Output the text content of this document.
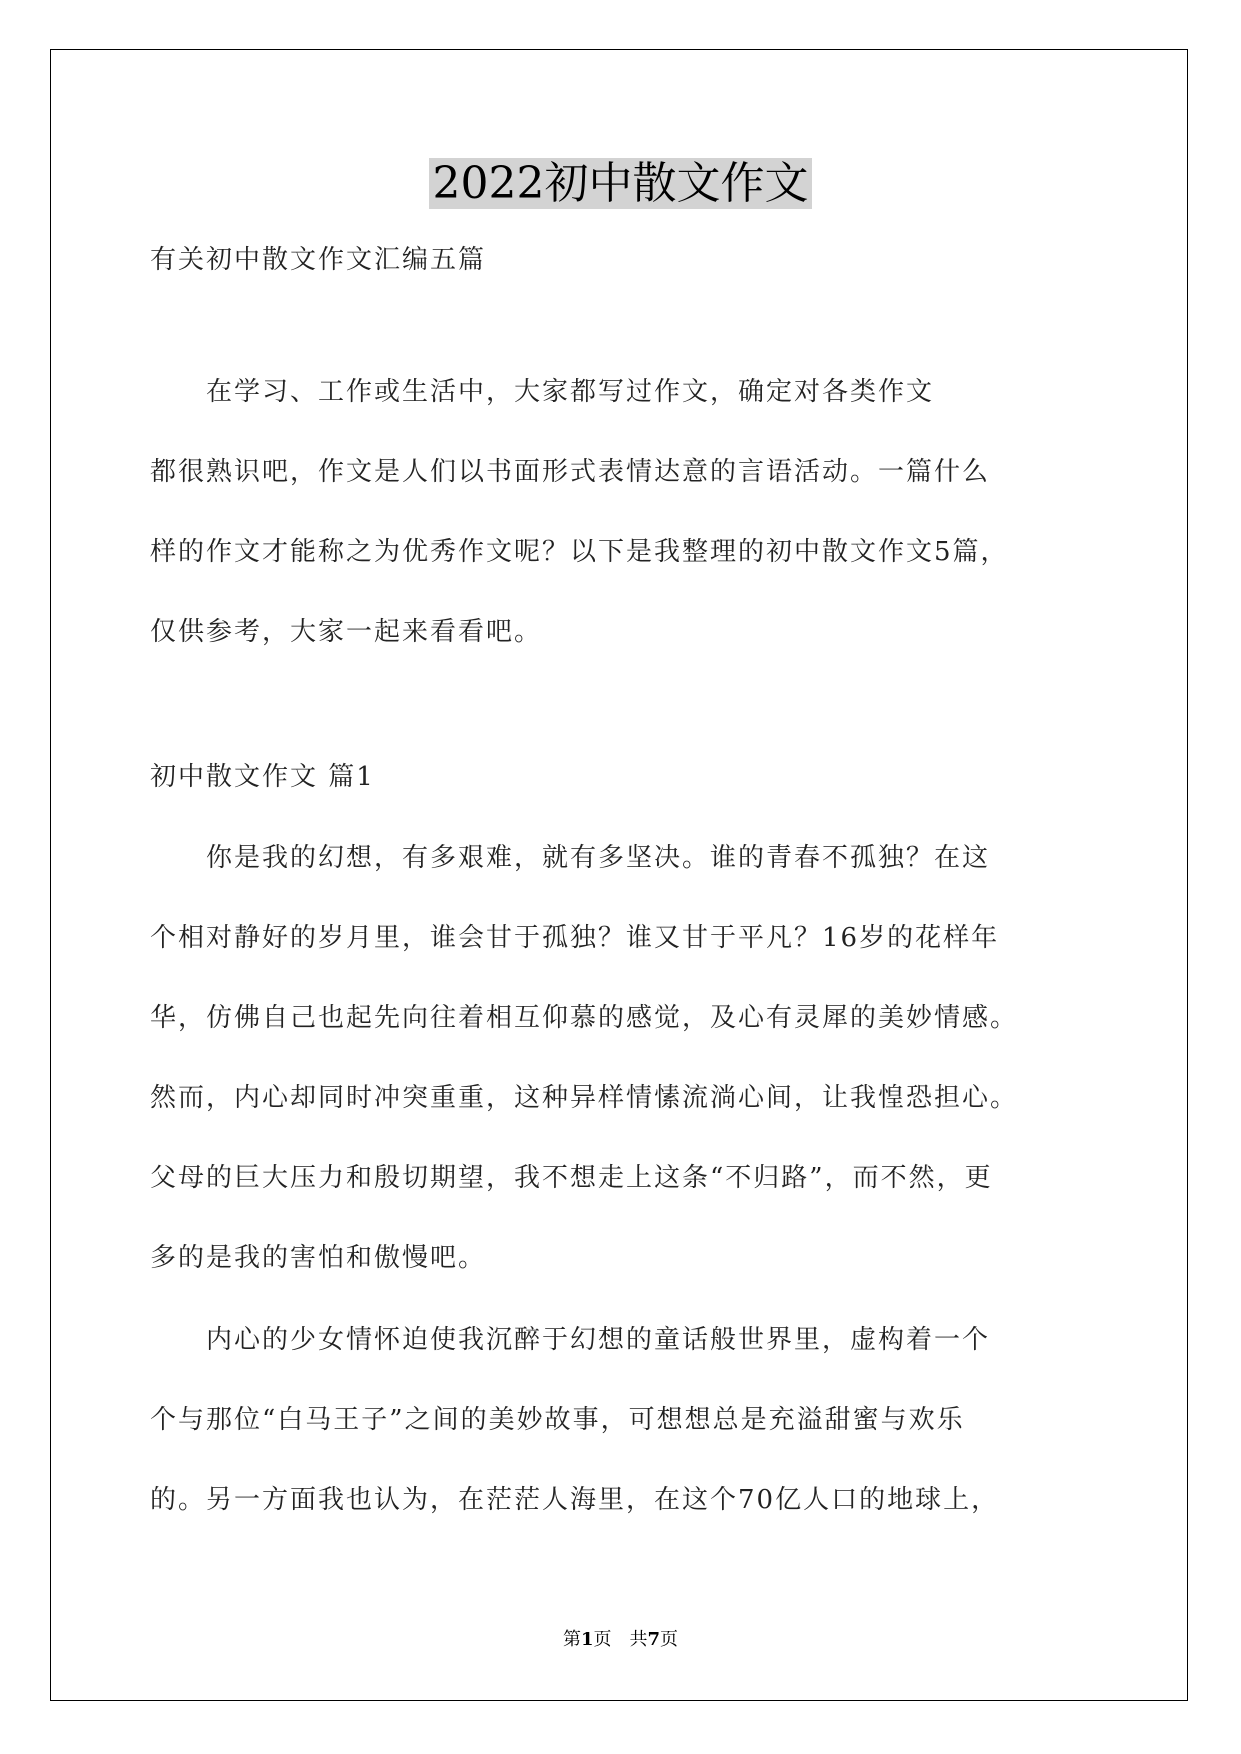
2022初中散文作文
有关初中散文作文汇编五篇
　　在学习、工作或生活中，大家都写过作文，确定对各类作文
都很熟识吧，作文是人们以书面形式表情达意的言语活动。一篇什么
样的作文才能称之为优秀作文呢？以下是我整理的初中散文作文5篇，
仅供参考，大家一起来看看吧。
初中散文作文 篇1
　　你是我的幻想，有多艰难，就有多坚决。谁的青春不孤独？在这
个相对静好的岁月里，谁会甘于孤独？谁又甘于平凡？16岁的花样年
华，仿佛自己也起先向往着相互仰慕的感觉，及心有灵犀的美妙情感。
然而，内心却同时冲突重重，这种异样情愫流淌心间，让我惶恐担心。
父母的巨大压力和殷切期望，我不想走上这条“不归路”，而不然，更
多的是我的害怕和傲慢吧。
　　内心的少女情怀迫使我沉醉于幻想的童话般世界里，虚构着一个
个与那位“白马王子”之间的美妙故事，可想想总是充溢甜蜜与欢乐
的。另一方面我也认为，在茫茫人海里，在这个70亿人口的地球上，
第1页　共7页
